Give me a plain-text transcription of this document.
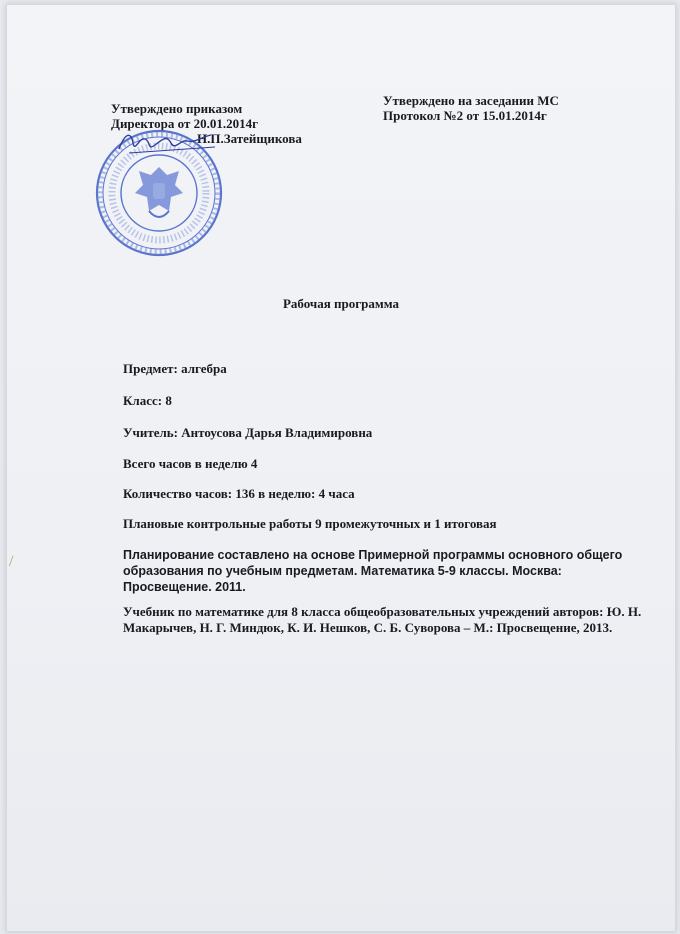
Утверждено приказом
Директора от 20.01.2014г
Н.П.Затейщикова
Утверждено на заседании МС
Протокол №2 от 15.01.2014г
Рабочая программа
Предмет: алгебра
Класс: 8
Учитель: Антоусова Дарья Владимировна
Всего часов в неделю 4
Количество часов: 136 в неделю: 4 часа
Плановые контрольные работы 9 промежуточных и 1 итоговая
Планирование составлено на основе Примерной программы основного общего образования по учебным предметам. Математика 5-9 классы. Москва: Просвещение. 2011.
Учебник по математике для 8 класса общеобразовательных учреждений авторов: Ю. Н. Макарычев, Н. Г. Миндюк, К. И. Нешков, С. Б. Суворова – М.: Просвещение, 2013.
/
